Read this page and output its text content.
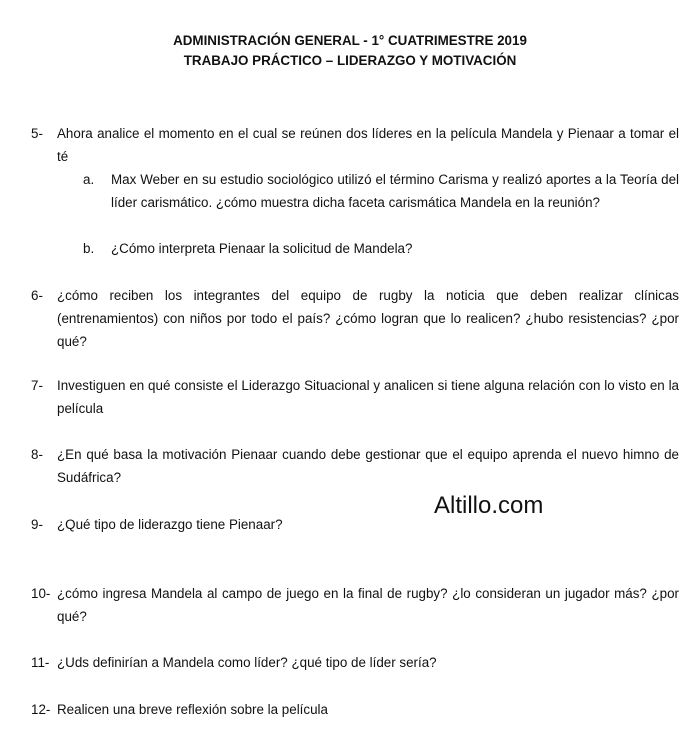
ADMINISTRACIÓN GENERAL - 1° CUATRIMESTRE 2019
TRABAJO PRÁCTICO – LIDERAZGO Y MOTIVACIÓN
5- Ahora analice el momento en el cual se reúnen dos líderes en la película Mandela y Pienaar a tomar el té
a. Max Weber en su estudio sociológico utilizó el término Carisma y realizó aportes a la Teoría del líder carismático. ¿cómo muestra dicha faceta carismática Mandela en la reunión?
b. ¿Cómo interpreta Pienaar la solicitud de Mandela?
6- ¿cómo reciben los integrantes del equipo de rugby la noticia que deben realizar clínicas (entrenamientos) con niños por todo el país? ¿cómo logran que lo realicen? ¿hubo resistencias? ¿por qué?
7- Investiguen en qué consiste el Liderazgo Situacional y analicen si tiene alguna relación con lo visto en la película
8- ¿En qué basa la motivación Pienaar cuando debe gestionar que el equipo aprenda el nuevo himno de Sudáfrica?
9- ¿Qué tipo de liderazgo tiene Pienaar?
10- ¿cómo ingresa Mandela al campo de juego en la final de rugby? ¿lo consideran un jugador más? ¿por qué?
11- ¿Uds definirían a Mandela como líder? ¿qué tipo de líder sería?
12- Realicen una breve reflexión sobre la película
Altillo.com
